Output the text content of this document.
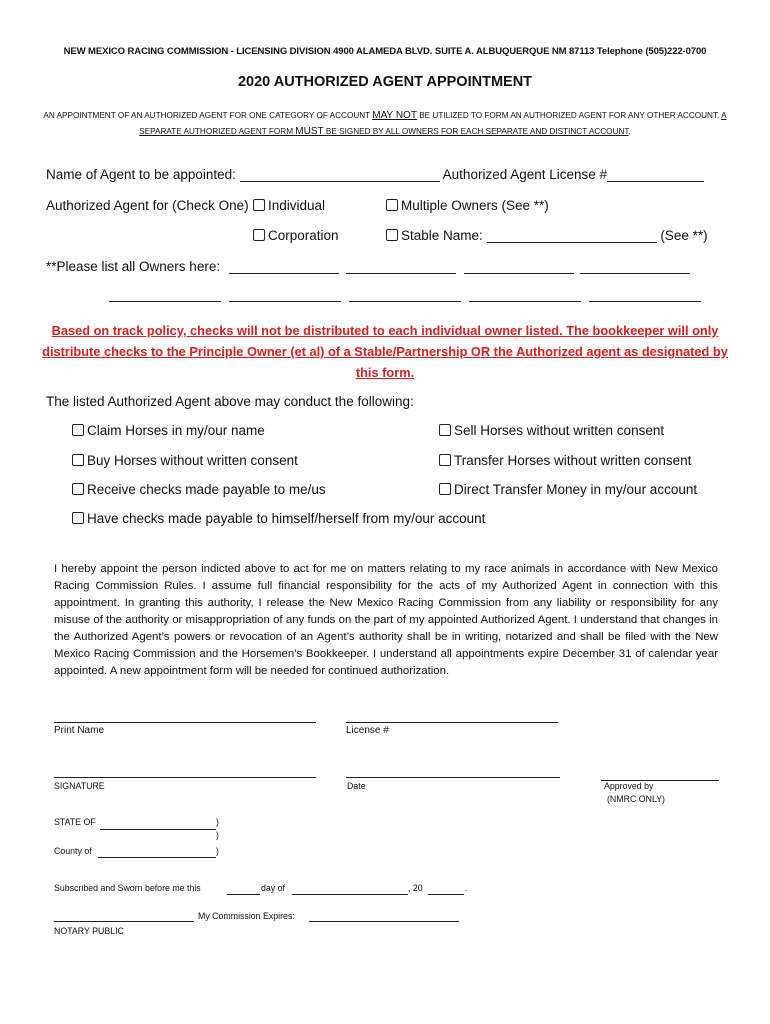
NEW MEXICO RACING COMMISSION - LICENSING DIVISION 4900 ALAMEDA BLVD. SUITE A. ALBUQUERQUE NM 87113 Telephone (505)222-0700
2020 AUTHORIZED AGENT APPOINTMENT
AN APPOINTMENT OF AN AUTHORIZED AGENT FOR ONE CATEGORY OF ACCOUNT MAY NOT BE UTILIZED TO FORM AN AUTHORIZED AGENT FOR ANY OTHER ACCOUNT. A SEPARATE AUTHORIZED AGENT FORM MUST BE SIGNED BY ALL OWNERS FOR EACH SEPARATE AND DISTINCT ACCOUNT.
Name of Agent to be appointed:	Authorized Agent License #
Authorized Agent for (Check One)	Individual	Multiple Owners (See **)
Corporation	Stable Name:	(See **)
**Please list all Owners here:
Based on track policy, checks will not be distributed to each individual owner listed. The bookkeeper will only distribute checks to the Principle Owner (et al) of a Stable/Partnership OR the Authorized agent as designated by this form.
The listed Authorized Agent above may conduct the following:
Claim Horses in my/our name	Sell Horses without written consent
Buy Horses without written consent	Transfer Horses without written consent
Receive checks made payable to me/us	Direct Transfer Money in my/our account
Have checks made payable to himself/herself from my/our account
I hereby appoint the person indicted above to act for me on matters relating to my race animals in accordance with New Mexico Racing Commission Rules. I assume full financial responsibility for the acts of my Authorized Agent in connection with this appointment. In granting this authority, I release the New Mexico Racing Commission from any liability or responsibility for any misuse of the authority or misappropriation of any funds on the part of my appointed Authorized Agent. I understand that changes in the Authorized Agent’s powers or revocation of an Agent’s authority shall be in writing, notarized and shall be filed with the New Mexico Racing Commission and the Horsemen’s Bookkeeper. I understand all appointments expire December 31 of calendar year appointed. A new appointment form will be needed for continued authorization.
Print Name	License #
SIGNATURE	Date	Approved by
(NMRC ONLY)
STATE OF	)
)
County of	)
Subscribed and Sworn before me this	day of	, 20	.
My Commission Expires:
NOTARY PUBLIC
